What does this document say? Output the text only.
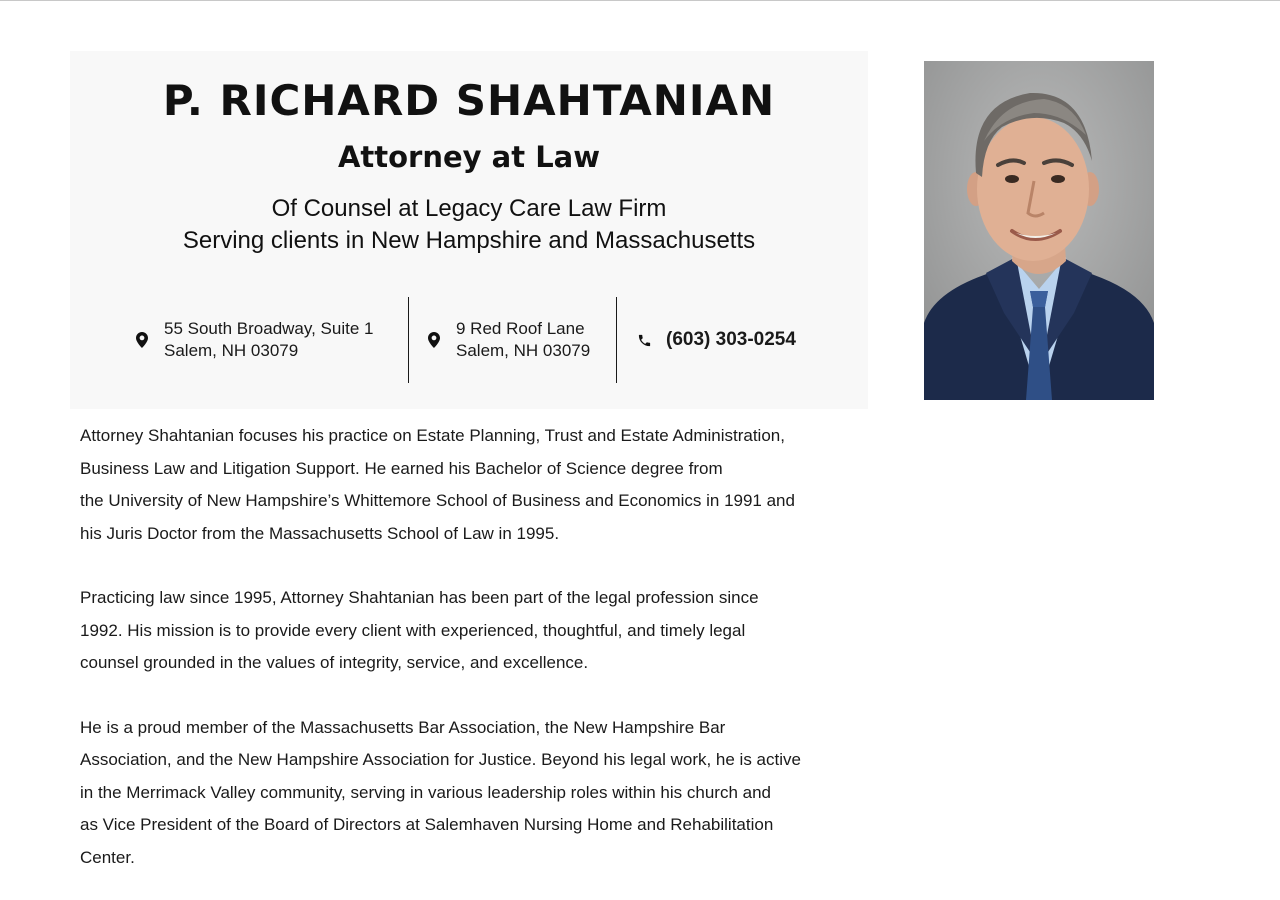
P. RICHARD SHAHTANIAN
Attorney at Law

Of Counsel at Legacy Care Law Firm

Serving clients in New Hampshire and Massachusetts

55 South Broadway, Suite 1
Salem, NH 03079
9 Red Roof Lane
Salem, NH 03079
(603) 303-0254

Attorney Shahtanian focuses his practice on Estate Planning, Trust and Estate Administration,
Business Law and Litigation Support. He earned his Bachelor of Science degree from
the University of New Hampshire’s Whittemore School of Business and Economics in 1991 and
his Juris Doctor from the Massachusetts School of Law in 1995.

Practicing law since 1995, Attorney Shahtanian has been part of the legal profession since
1992. His mission is to provide every client with experienced, thoughtful, and timely legal
counsel grounded in the values of integrity, service, and excellence.

He is a proud member of the Massachusetts Bar Association, the New Hampshire Bar
Association, and the New Hampshire Association for Justice. Beyond his legal work, he is active
in the Merrimack Valley community, serving in various leadership roles within his church and
as Vice President of the Board of Directors at Salemhaven Nursing Home and Rehabilitation
Center.
